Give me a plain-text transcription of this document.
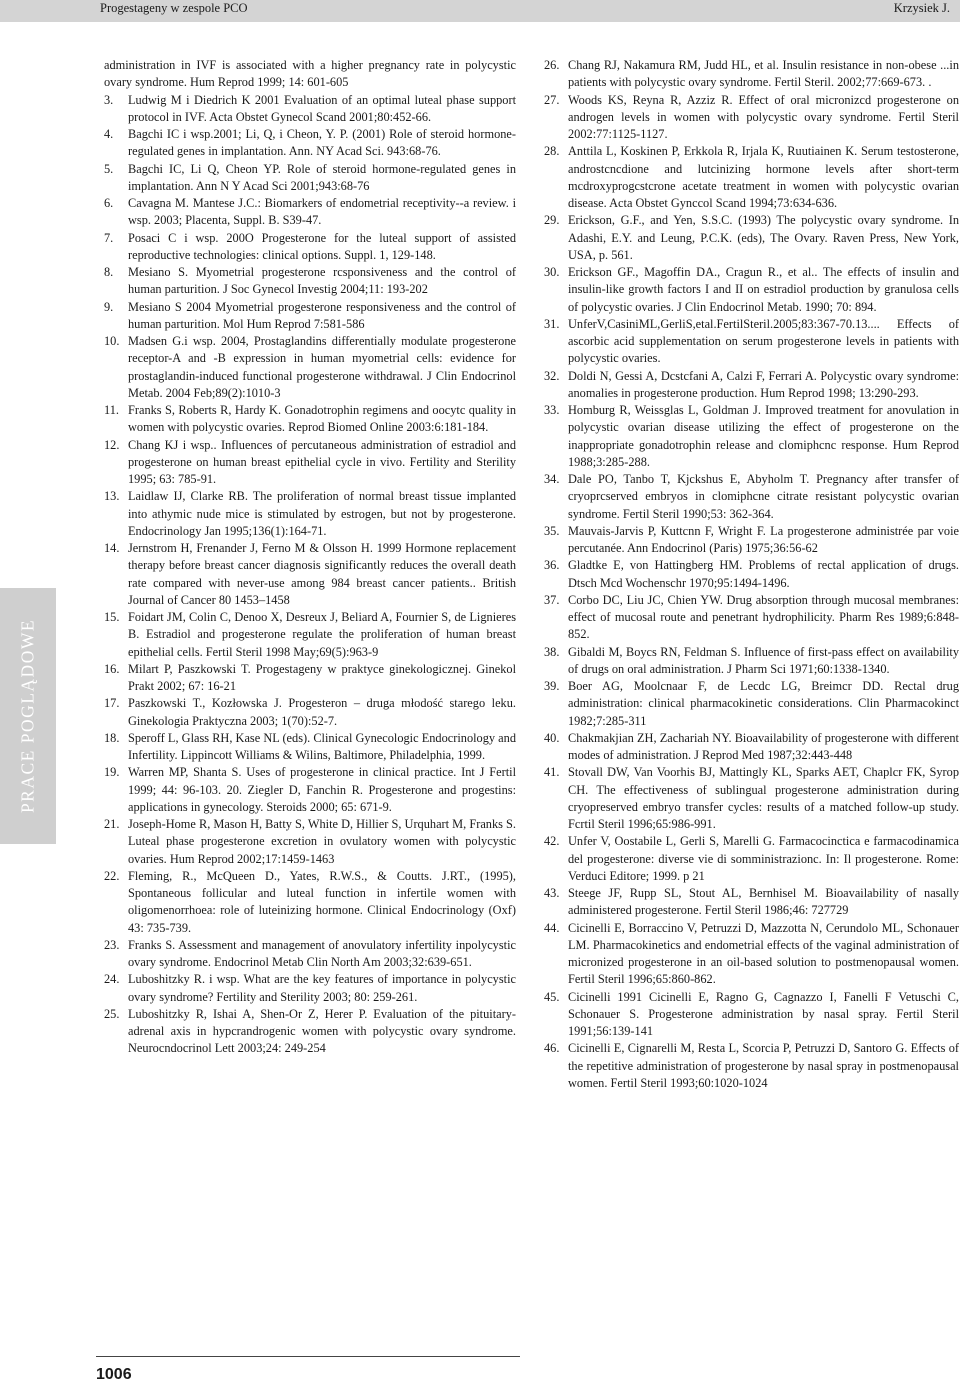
Progestageny w zespole PCO	Krzysiek J.
PRACE POGLĄDOWE
administration in IVF is associated with a higher pregnancy rate in polycystic ovary syndrome. Hum Reprod 1999; 14: 601-605
3. Ludwig M i Diedrich K 2001 Evaluation of an optimal luteal phase support protocol in IVF. Acta Obstet Gynecol Scand 2001;80:452-66.
4. Bagchi IC i wsp.2001; Li, Q, i Cheon, Y. P. (2001) Role of steroid hormone-regulated genes in implantation. Ann. NY Acad Sci. 943:68-76.
5. Bagchi IC, Li Q, Cheon YP. Role of steroid hormone-regulated genes in implantation. Ann N Y Acad Sci 2001;943:68-76
6. Cavagna M. Mantese J.C.: Biomarkers of endometrial receptivity--a review. i wsp. 2003; Placenta, Suppl. B. S39-47.
7. Posaci C i wsp. 200O Progesterone for the luteal support of assisted reproductive technologies: clinical options. Suppl. 1, 129-148.
8. Mesiano S. Myometrial progesterone rcsponsiveness and the control of human parturition. J Soc Gynecol Investig 2004;11: 193-202
9. Mesiano S 2004 Myometrial progesterone responsiveness and the control of human parturition. Mol Hum Reprod 7:581-586
10. Madsen G.i wsp. 2004, Prostaglandins differentially modulate progesterone receptor-A and -B expression in human myometrial cells: evidence for prostaglandin-induced functional progesterone withdrawal. J Clin Endocrinol Metab. 2004 Feb;89(2):1010-3
11. Franks S, Roberts R, Hardy K. Gonadotrophin regimens and oocytc quality in women with polycystic ovaries. Reprod Biomed Online 2003:6:181-184.
12. Chang KJ i wsp.. Influences of percutaneous administration of estradiol and progesterone on human breast epithelial cycle in vivo. Fertility and Sterility 1995; 63: 785-91.
13. Laidlaw IJ, Clarke RB. The proliferation of normal breast tissue implanted into athymic nude mice is stimulated by estrogen, but not by progesterone. Endocrinology Jan 1995;136(1):164-71.
14. Jernstrom H, Frenander J, Ferno M & Olsson H. 1999 Hormone replacement therapy before breast cancer diagnosis significantly reduces the overall death rate compared with never-use among 984 breast cancer patients.. British Journal of Cancer 80 1453–1458
15. Foidart JM, Colin C, Denoo X, Desreux J, Beliard A, Fournier S, de Lignieres B. Estradiol and progesterone regulate the proliferation of human breast epithelial cells. Fertil Steril 1998 May;69(5):963-9
16. Milart P, Paszkowski T. Progestageny w praktyce ginekologicznej. Ginekol Prakt 2002; 67: 16-21
17. Paszkowski T., Kozłowska J. Progesteron – druga młodość starego leku. Ginekologia Praktyczna 2003; 1(70):52-7.
18. Speroff L, Glass RH, Kase NL (eds). Clinical Gynecologic Endocrinology and Infertility. Lippincott Williams & Wilins, Baltimore, Philadelphia, 1999.
19. Warren MP, Shanta S. Uses of progesterone in clinical practice. Int J Fertil 1999; 44: 96-103. 20. Ziegler D, Fanchin R. Progesterone and progestins: applications in gynecology. Steroids 2000; 65: 671-9.
21. Joseph-Home R, Mason H, Batty S, White D, Hillier S, Urquhart M, Franks S. Luteal phase progesterone excretion in ovulatory women with polycystic ovaries. Hum Reprod 2002;17:1459-1463
22. Fleming, R., McQueen D., Yates, R.W.S., & Coutts. J.RT., (1995), Spontaneous follicular and luteal function in infertile women with oligomenorrhoea: role of luteinizing hormone. Clinical Endocrinology (Oxf) 43: 735-739.
23. Franks S. Assessment and management of anovulatory infertility inpolycystic ovary syndrome. Endocrinol Metab Clin North Am 2003;32:639-651.
24. Luboshitzky R. i wsp. What are the key features of importance in polycystic ovary syndrome? Fertility and Sterility 2003; 80: 259-261.
25. Luboshitzky R, Ishai A, Shen-Or Z, Herer P. Evaluation of the pituitary-adrenal axis in hypcrandrogenic women with polycystic ovary syndrome. Neurocndocrinol Lett 2003;24: 249-254
26. Chang RJ, Nakamura RM, Judd HL, et al. Insulin resistance in non-obese ...in patients with polycystic ovary syndrome. Fertil Steril. 2002;77:669-673. .
27. Woods KS, Reyna R, Azziz R. Effect of oral micronizcd progesterone on androgen levels in women with polycystic ovary syndrome. Fertil Steril 2002:77:1125-1127.
28. Anttila L, Koskinen P, Erkkola R, Irjala K, Ruutiainen K. Serum testosterone, androstcncdione and lutcinizing hormone levels after short-term mcdroxyprogcstcrone acetate treatment in women with polycystic ovarian disease. Acta Obstet Gynccol Scand 1994;73:634-636.
29. Erickson, G.F., and Yen, S.S.C. (1993) The polycystic ovary syndrome. In Adashi, E.Y. and Leung, P.C.K. (eds), The Ovary. Raven Press, New York, USA, p. 561.
30. Erickson GF., Magoffin DA., Cragun R., et al.. The effects of insulin and insulin-like growth factors I and II on estradiol production by granulosa cells of polycystic ovaries. J Clin Endocrinol Metab. 1990; 70: 894.
31. UnferV,CasiniML,GerliS,etal.FertilSteril.2005;83:367-70.13.... Effects of ascorbic acid supplementation on serum progesterone levels in patients with polycystic ovaries.
32. Doldi N, Gessi A, Dcstcfani A, Calzi F, Ferrari A. Polycystic ovary syndrome: anomalies in progesterone production. Hum Reprod 1998; 13:290-293.
33. Homburg R, Weissglas L, Goldman J. Improved treatment for anovulation in polycystic ovarian disease utilizing the effect of progesterone on the inappropriate gonadotrophin release and clomiphcnc response. Hum Reprod 1988;3:285-288.
34. Dale PO, Tanbo T, Kjckshus E, Abyholm T. Pregnancy after transfer of cryoprcserved embryos in clomiphcne citrate resistant polycystic ovarian syndrome. Fertil Steril 1990;53: 362-364.
35. Mauvais-Jarvis P, Kuttcnn F, Wright F. La progesterone administrée par voie percutanée. Ann Endocrinol (Paris) 1975;36:56-62
36. Gladtke E, von Hattingberg HM. Problems of rectal application of drugs. Dtsch Mcd Wochenschr 1970;95:1494-1496.
37. Corbo DC, Liu JC, Chien YW. Drug absorption through mucosal membranes: effect of mucosal route and penetrant hydrophilicity. Pharm Res 1989;6:848-852.
38. Gibaldi M, Boycs RN, Feldman S. Influence of first-pass effect on availability of drugs on oral administration. J Pharm Sci 1971;60:1338-1340.
39. Boer AG, Moolcnaar F, de Lecdc LG, Breimcr DD. Rectal drug administration: clinical pharmacokinetic considerations. Clin Pharmacokinct 1982;7:285-311
40. Chakmakjian ZH, Zachariah NY. Bioavailability of progesterone with different modes of administration. J Reprod Med 1987;32:443-448
41. Stovall DW, Van Voorhis BJ, Mattingly KL, Sparks AET, Chaplcr FK, Syrop CH. The effectiveness of sublingual progesterone administration during cryopreserved embryo transfer cycles: results of a matched follow-up study. Fcrtil Steril 1996;65:986-991.
42. Unfer V, Oostabile L, Gerli S, Marelli G. Farmacocinctica e farmacodinamica del progesterone: diverse vie di somministrazionc. In: Il progesterone. Rome: Verduci Editore; 1999. p 21
43. Steege JF, Rupp SL, Stout AL, Bernhisel M. Bioavailability of nasally administered progesterone. Fertil Steril 1986;46: 727729
44. Cicinelli E, Borraccino V, Petruzzi D, Mazzotta N, Cerundolo ML, Schonauer LM. Pharmacokinetics and endometrial effects of the vaginal administration of micronized progesterone in an oil-based solution to postmenopausal women. Fertil Steril 1996;65:860-862.
45. Cicinelli 1991 Cicinelli E, Ragno G, Cagnazzo I, Fanelli F Vetuschi C, Schonauer S. Progesterone administration by nasal spray. Fertil Steril 1991;56:139-141
46. Cicinelli E, Cignarelli M, Resta L, Scorcia P, Petruzzi D, Santoro G. Effects of the repetitive administration of progesterone by nasal spray in postmenopausal women. Fertil Steril 1993;60:1020-1024
1006
